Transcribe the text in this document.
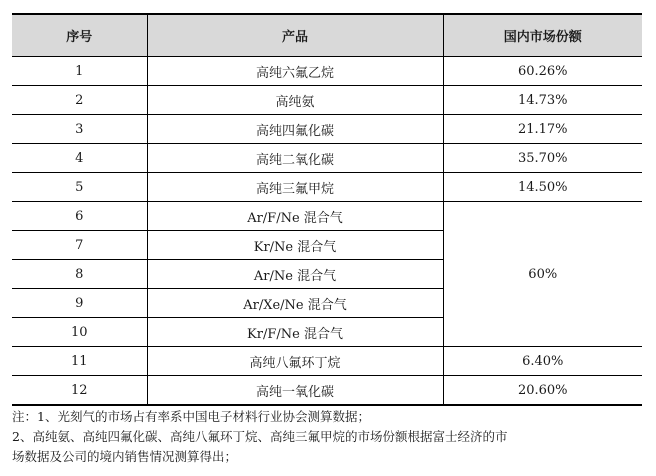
序号	产品	国内市场份额
1	高纯六氟乙烷	60.26%
2	高纯氨	14.73%
3	高纯四氟化碳	21.17%
4	高纯二氧化碳	35.70%
5	高纯三氟甲烷	14.50%
6	Ar/F/Ne 混合气	60%
7	Kr/Ne 混合气	
8	Ar/Ne 混合气	
9	Ar/Xe/Ne 混合气	
10	Kr/F/Ne 混合气	
11	高纯八氟环丁烷	6.40%
12	高纯一氧化碳	20.60%
注：1、光刻气的市场占有率系中国电子材料行业协会测算数据；
2、高纯氨、高纯四氟化碳、高纯八氟环丁烷、高纯三氟甲烷的市场份额根据富士经济的市
场数据及公司的境内销售情况测算得出；
